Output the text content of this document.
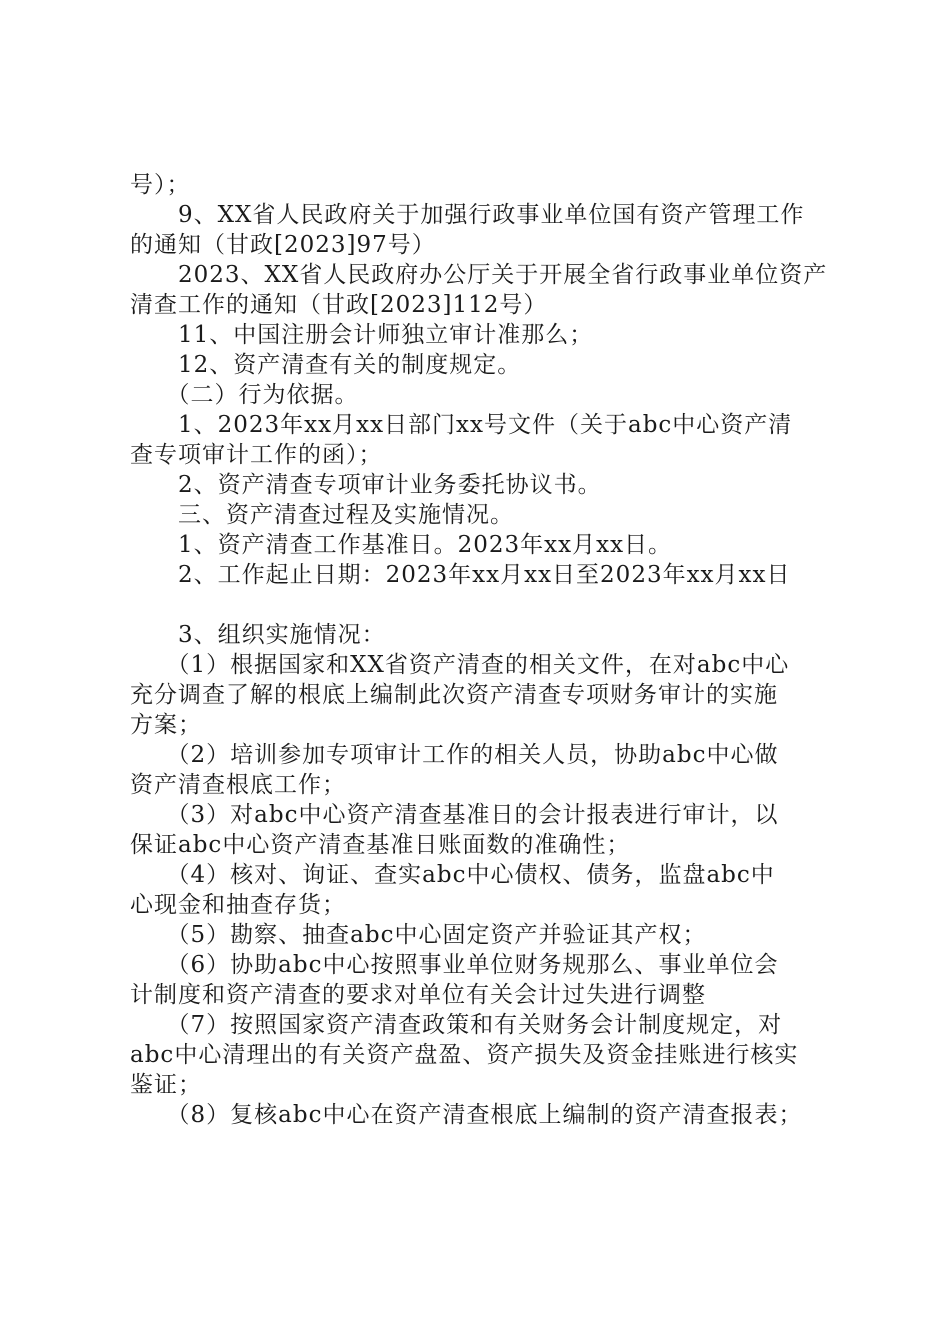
号）；
　　9、XX省人民政府关于加强行政事业单位国有资产管理工作
的通知（甘政[2023]97号）
　　2023、XX省人民政府办公厅关于开展全省行政事业单位资产
清查工作的通知（甘政[2023]112号）
　　11、中国注册会计师独立审计准那么；
　　12、资产清查有关的制度规定。
　　（二）行为依据。
　　1、2023年xx月xx日部门xx号文件（关于abc中心资产清
查专项审计工作的函）；
　　2、资产清查专项审计业务委托协议书。
　　三、资产清查过程及实施情况。
　　1、资产清查工作基准日。2023年xx月xx日。
　　2、工作起止日期：2023年xx月xx日至2023年xx月xx日
　　3、组织实施情况：
　　（1）根据国家和XX省资产清查的相关文件，在对abc中心
充分调查了解的根底上编制此次资产清查专项财务审计的实施
方案；
　　（2）培训参加专项审计工作的相关人员，协助abc中心做
资产清查根底工作；
　　（3）对abc中心资产清查基准日的会计报表进行审计，以
保证abc中心资产清查基准日账面数的准确性；
　　（4）核对、询证、查实abc中心债权、债务，监盘abc中
心现金和抽查存货；
　　（5）勘察、抽查abc中心固定资产并验证其产权；
　　（6）协助abc中心按照事业单位财务规那么、事业单位会
计制度和资产清查的要求对单位有关会计过失进行调整
　　（7）按照国家资产清查政策和有关财务会计制度规定，对
abc中心清理出的有关资产盘盈、资产损失及资金挂账进行核实
鉴证；
　　（8）复核abc中心在资产清查根底上编制的资产清查报表；
